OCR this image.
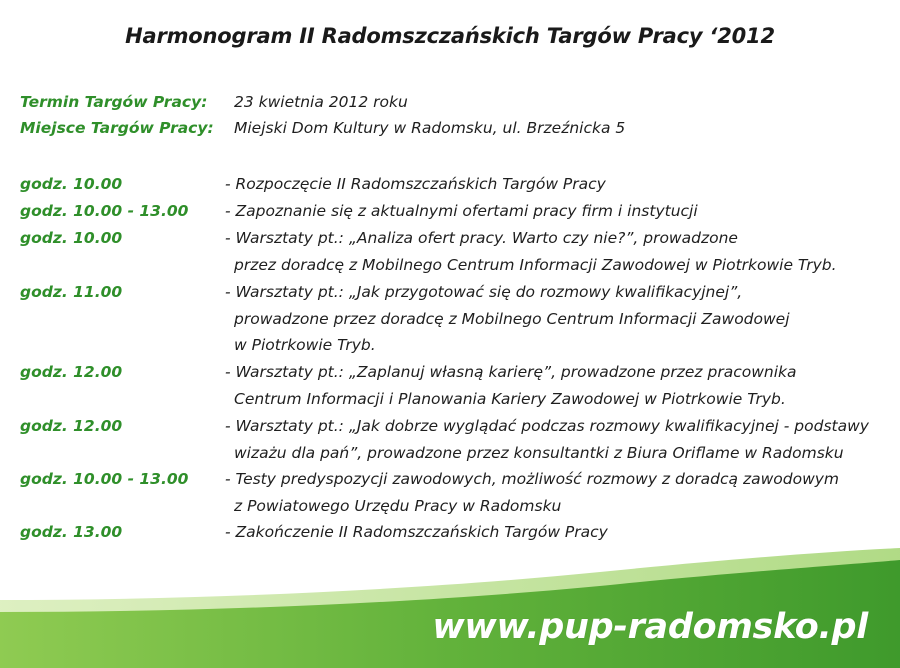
Harmonogram II Radomszczańskich Targów Pracy ‘2012
Termin Targów Pracy: 23 kwietnia 2012 roku
Miejsce Targów Pracy: Miejski Dom Kultury w Radomsku, ul. Brzeźnicka 5
godz. 10.00	- Rozpoczęcie II Radomszczańskich Targów Pracy
godz. 10.00 - 13.00 - Zapoznanie się z aktualnymi ofertami pracy firm i instytucji
godz. 10.00	- Warsztaty pt.: „Analiza ofert pracy. Warto czy nie?”, prowadzone
przez doradcę z Mobilnego Centrum Informacji Zawodowej w Piotrkowie Tryb.
godz. 11.00	- Warsztaty pt.: „Jak przygotować się do rozmowy kwalifikacyjnej”,
prowadzone przez doradcę z Mobilnego Centrum Informacji Zawodowej
w Piotrkowie Tryb.
godz. 12.00	- Warsztaty pt.: „Zaplanuj własną karierę”, prowadzone przez pracownika
Centrum Informacji i Planowania Kariery Zawodowej w Piotrkowie Tryb.
godz. 12.00	- Warsztaty pt.: „Jak dobrze wyglądać podczas rozmowy kwalifikacyjnej - podstawy
wizażu dla pań”, prowadzone przez konsultantki z Biura Oriflame w Radomsku
godz. 10.00 - 13.00 - Testy predyspozycji zawodowych, możliwość rozmowy z doradcą zawodowym
z Powiatowego Urzędu Pracy w Radomsku
godz. 13.00	- Zakończenie II Radomszczańskich Targów Pracy
www.pup-radomsko.pl
